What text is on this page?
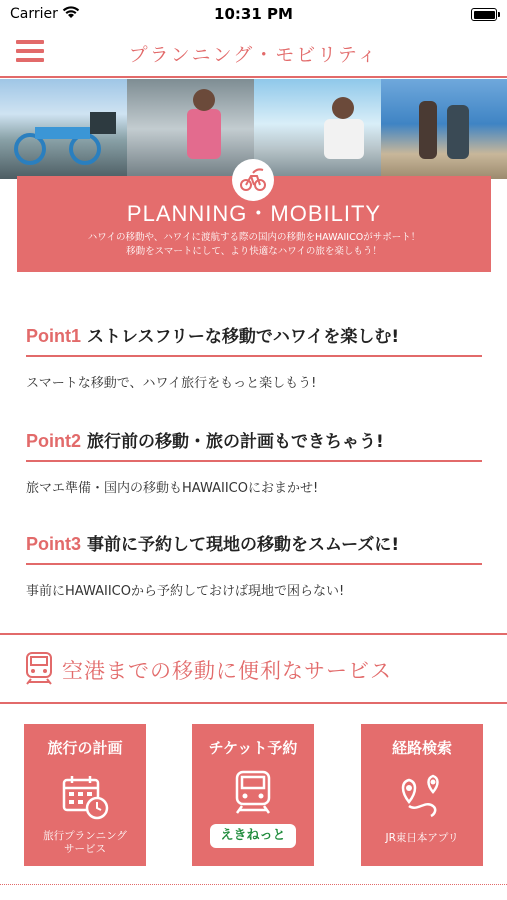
Carrier	10:31 PM
プランニング・モビリティ
PLANNING・MOBILITY
ハワイの移動や、ハワイに渡航する際の国内の移動をHAWAIICOがサポート！
移動をスマートにして、より快適なハワイの旅を楽しもう！
Point1 ストレスフリーな移動でハワイを楽しむ!
スマートな移動で、ハワイ旅行をもっと楽しもう!
Point2 旅行前の移動・旅の計画もできちゃう!
旅マエ準備・国内の移動もHAWAIICOにおまかせ!
Point3 事前に予約して現地の移動をスムーズに!
事前にHAWAIICOから予約しておけば現地で困らない!
空港までの移動に便利なサービス
旅行の計画
旅行プランニング
サービス
チケット予約
えきねっと
経路検索
JR東日本アプリ
